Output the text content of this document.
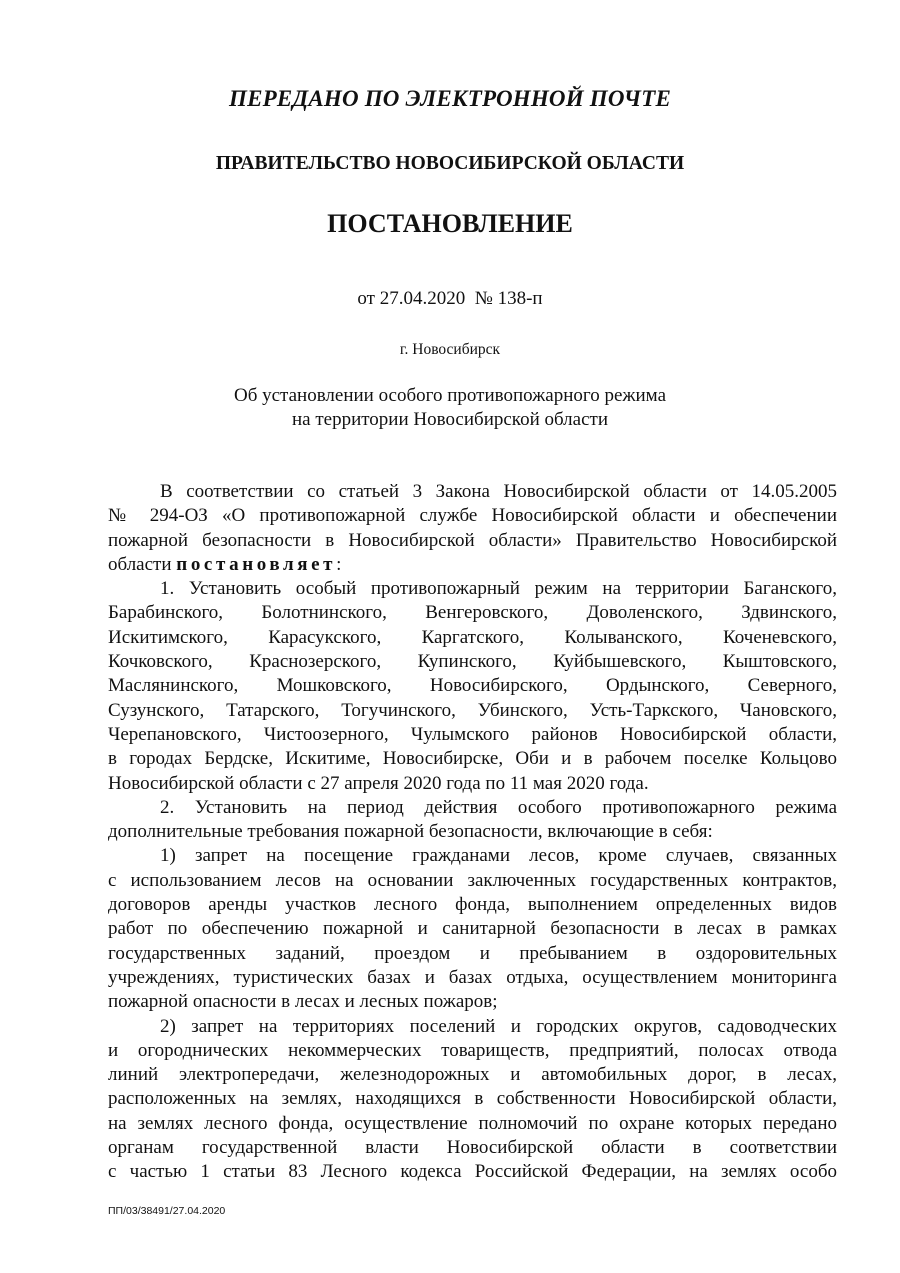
ПЕРЕДАНО ПО ЭЛЕКТРОННОЙ ПОЧТЕ
ПРАВИТЕЛЬСТВО НОВОСИБИРСКОЙ ОБЛАСТИ
ПОСТАНОВЛЕНИЕ
от 27.04.2020  № 138-п
г. Новосибирск
Об установлении особого противопожарного режима
на территории Новосибирской области
В соответствии со статьей 3 Закона Новосибирской области от 14.05.2005
№ 294-ОЗ «О противопожарной службе Новосибирской области и обеспечении
пожарной безопасности в Новосибирской области» Правительство Новосибирской
области постановляет:
1. Установить особый противопожарный режим на территории Баганского,
Барабинского, Болотнинского, Венгеровского, Доволенского, Здвинского,
Искитимского, Карасукского, Каргатского, Колыванского, Коченевского,
Кочковского, Краснозерского, Купинского, Куйбышевского, Кыштовского,
Маслянинского, Мошковского, Новосибирского, Ордынского, Северного,
Сузунского, Татарского, Тогучинского, Убинского, Усть-Таркского, Чановского,
Черепановского, Чистоозерного, Чулымского районов Новосибирской области,
в городах Бердске, Искитиме, Новосибирске, Оби и в рабочем поселке Кольцово
Новосибирской области с 27 апреля 2020 года по 11 мая 2020 года.
2. Установить на период действия особого противопожарного режима
дополнительные требования пожарной безопасности, включающие в себя:
1) запрет на посещение гражданами лесов, кроме случаев, связанных
с использованием лесов на основании заключенных государственных контрактов,
договоров аренды участков лесного фонда, выполнением определенных видов
работ по обеспечению пожарной и санитарной безопасности в лесах в рамках
государственных заданий, проездом и пребыванием в оздоровительных
учреждениях, туристических базах и базах отдыха, осуществлением мониторинга
пожарной опасности в лесах и лесных пожаров;
2) запрет на территориях поселений и городских округов, садоводческих
и огороднических некоммерческих товариществ, предприятий, полосах отвода
линий электропередачи, железнодорожных и автомобильных дорог, в лесах,
расположенных на землях, находящихся в собственности Новосибирской области,
на землях лесного фонда, осуществление полномочий по охране которых передано
органам государственной власти Новосибирской области в соответствии
с частью 1 статьи 83 Лесного кодекса Российской Федерации, на землях особо
ПП/03/38491/27.04.2020
